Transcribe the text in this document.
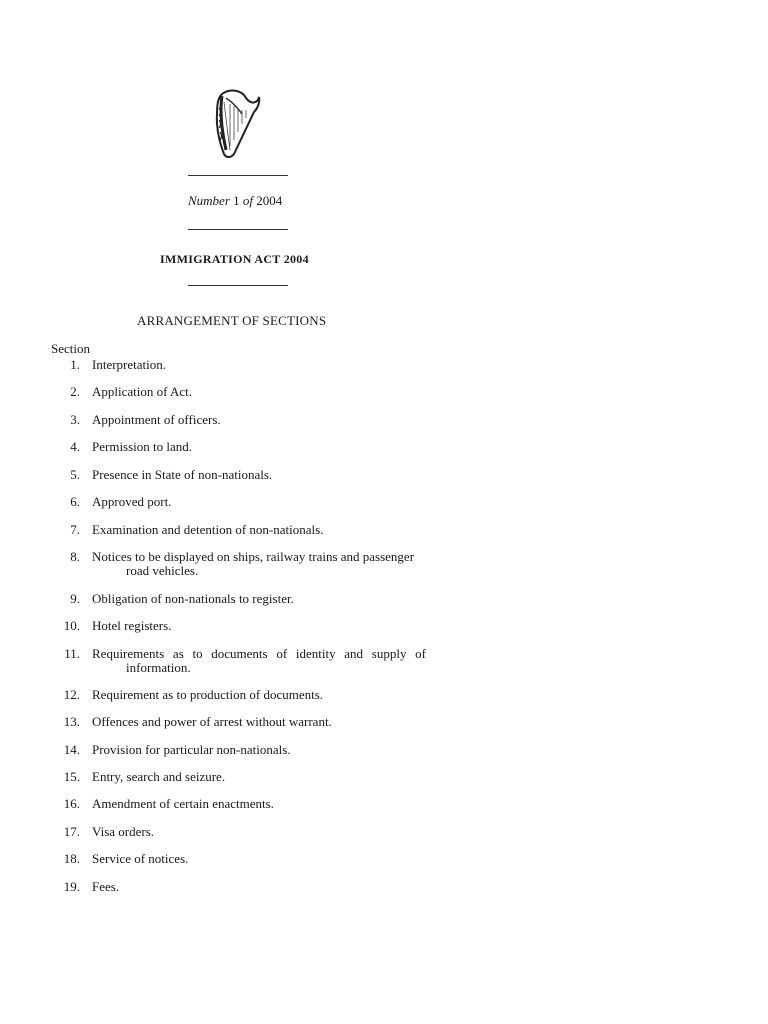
Number 1 of 2004
IMMIGRATION ACT 2004
ARRANGEMENT OF SECTIONS
Section
1. Interpretation.
2. Application of Act.
3. Appointment of officers.
4. Permission to land.
5. Presence in State of non-nationals.
6. Approved port.
7. Examination and detention of non-nationals.
8. Notices to be displayed on ships, railway trains and passenger
road vehicles.
9. Obligation of non-nationals to register.
10. Hotel registers.
11. Requirements as to documents of identity and supply of
information.
12. Requirement as to production of documents.
13. Offences and power of arrest without warrant.
14. Provision for particular non-nationals.
15. Entry, search and seizure.
16. Amendment of certain enactments.
17. Visa orders.
18. Service of notices.
19. Fees.
